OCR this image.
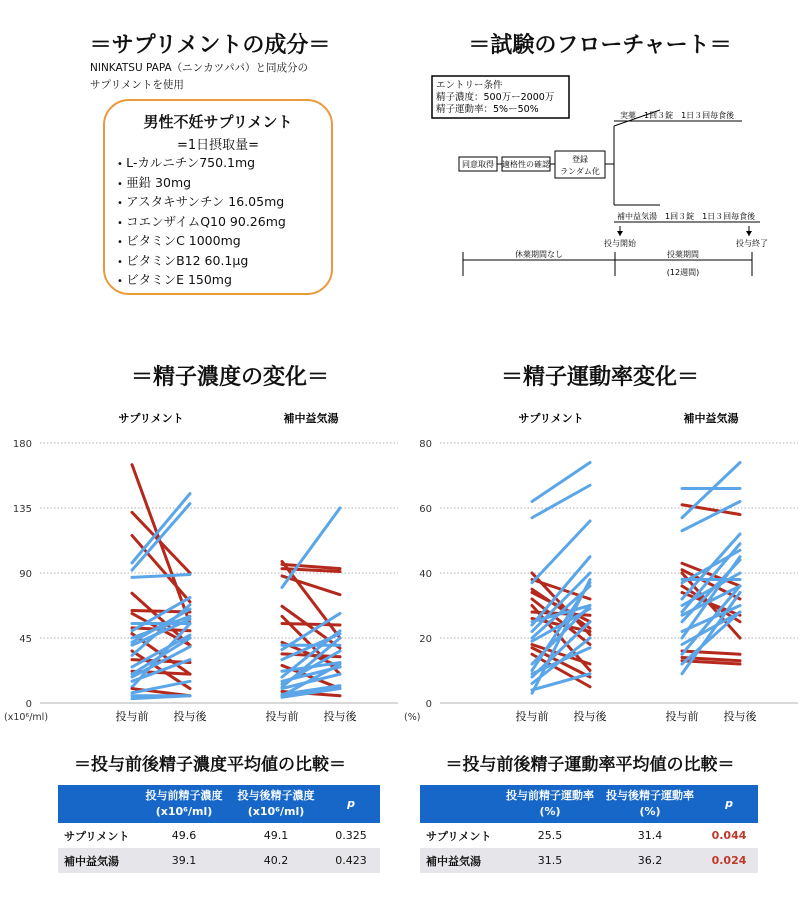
＝サプリメントの成分＝
NINKATSU PAPA（ニンカツパパ）と同成分の
サプリメントを使用
男性不妊サプリメント
=1日摂取量=
• L-カルニチン750.1mg
• 亜鉛 30mg
• アスタキサンチン 16.05mg
• コエンザイムQ10 90.26mg
• ビタミンC 1000mg
• ビタミンB12 60.1μg
• ビタミンE 150mg
＝試験のフローチャート＝
エントリー条件
精子濃度：500万ー2000万
精子運動率：5%ー50%
同意取得 適格性の確認
登録
ランダム化
実薬　1回３錠　1日３回毎食後
補中益気湯　1回３錠　1日３回毎食後
投与開始	投与終了
休薬期間なし	投薬期間
(12週間)
＝精子濃度の変化＝	＝精子運動率変化＝
0
45
90
135
180
(x10⁶/ml)
サプリメント
投与前 投与後
補中益気湯
投与前 投与後
0
20
40
60
80
(%)
サプリメント
投与前 投与後
補中益気湯
投与前 投与後
＝投与前後精子濃度平均値の比較＝	＝投与前後精子運動率平均値の比較＝
	投与前精子濃度
(x10⁶/ml)	投与後精子濃度
(x10⁶/ml)	p
サプリメント	49.6	49.1	0.325
補中益気湯	39.1	40.2	0.423
	投与前精子運動率
(%)	投与後精子運動率
(%)	p
サプリメント	25.5	31.4	0.044
補中益気湯	31.5	36.2	0.024
